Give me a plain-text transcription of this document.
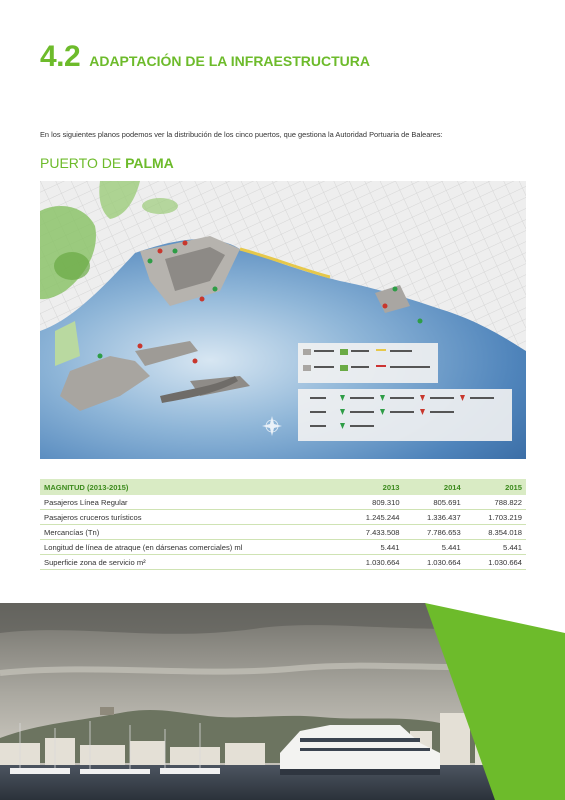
4.2 ADAPTACIÓN DE LA INFRAESTRUCTURA
En los siguientes planos podemos ver la distribución de los cinco puertos, que gestiona la Autoridad Portuaria de Baleares:
PUERTO DE PALMA
MAGNITUD (2013-2015)	2013	2014	2015
Pasajeros Línea Regular	809.310	805.691	788.822
Pasajeros cruceros turísticos	1.245.244	1.336.437	1.703.219
Mercancías (Tn)	7.433.508	7.786.653	8.354.018
Longitud de línea de atraque (en dársenas comerciales) ml	5.441	5.441	5.441
Superficie zona de servicio m²	1.030.664	1.030.664	1.030.664
